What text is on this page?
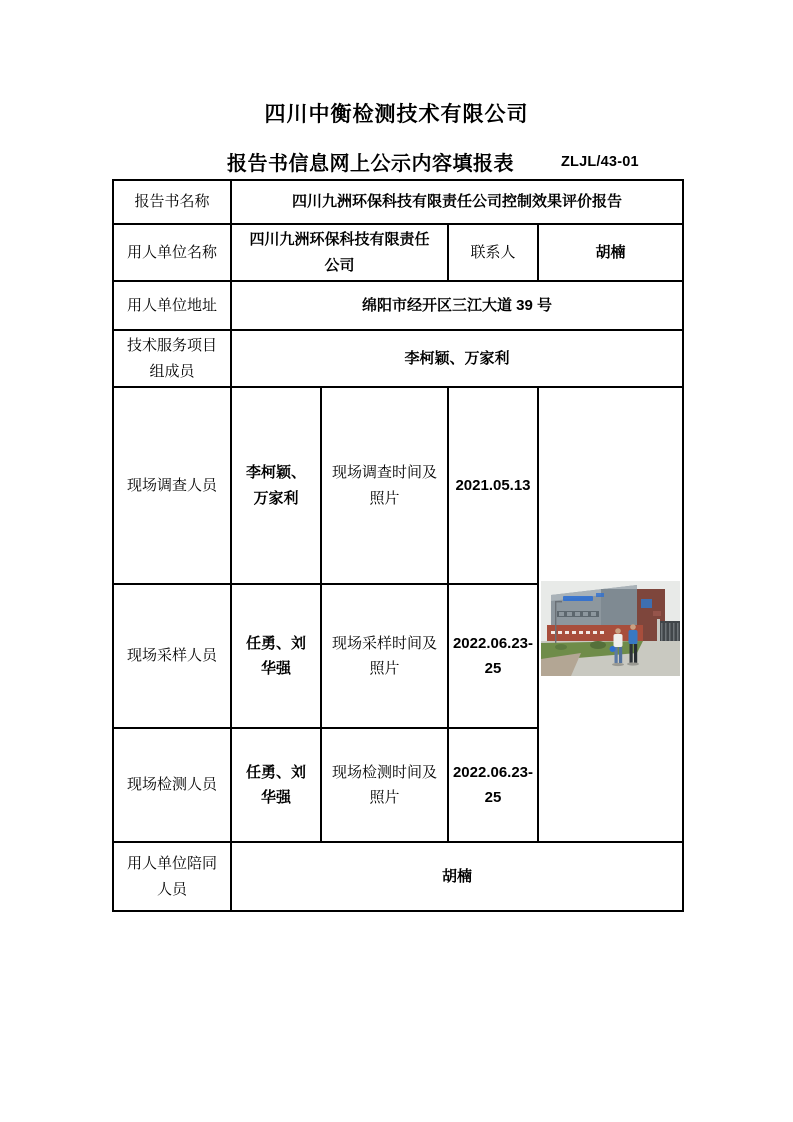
四川中衡检测技术有限公司
报告书信息网上公示内容填报表	ZLJL/43-01
报告书名称	四川九洲环保科技有限责任公司控制效果评价报告			
用人单位名称	四川九洲环保科技有限责任公司		联系人	胡楠
用人单位地址	绵阳市经开区三江大道 39 号			
技术服务项目组成员	李柯颖、万家利			
现场调查人员	李柯颖、万家利	现场调查时间及照片	2021.05.13	

现场采样人员	任勇、刘华强	现场采样时间及照片	2022.06.23-25	
现场检测人员	任勇、刘华强	现场检测时间及照片	2022.06.23-25	
用人单位陪同人员	胡楠			
